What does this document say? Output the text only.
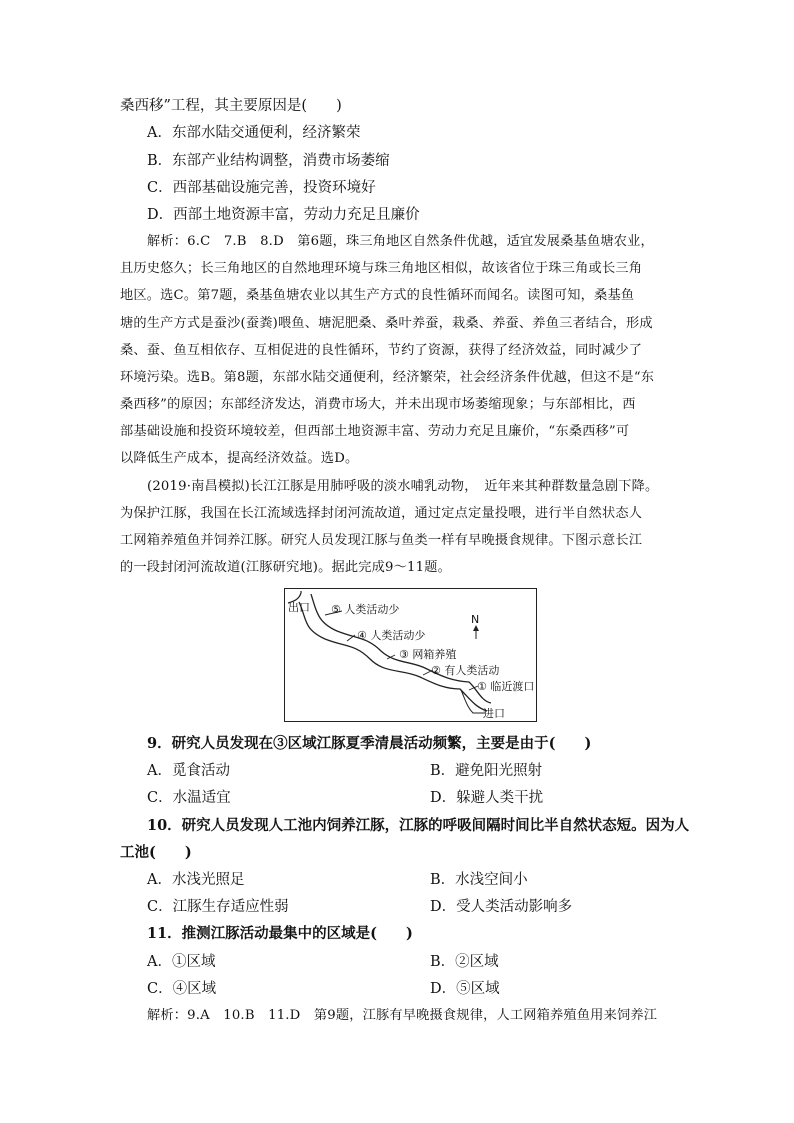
桑西移”工程，其主要原因是(　　)
A．东部水陆交通便利，经济繁荣
B．东部产业结构调整，消费市场萎缩
C．西部基础设施完善，投资环境好
D．西部土地资源丰富，劳动力充足且廉价
解析：6.C　7.B　8.D　第6题，珠三角地区自然条件优越，适宜发展桑基鱼塘农业，
且历史悠久；长三角地区的自然地理环境与珠三角地区相似，故该省位于珠三角或长三角
地区。选C。第7题，桑基鱼塘农业以其生产方式的良性循环而闻名。读图可知，桑基鱼
塘的生产方式是蚕沙(蚕粪)喂鱼、塘泥肥桑、桑叶养蚕，栽桑、养蚕、养鱼三者结合，形成
桑、蚕、鱼互相依存、互相促进的良性循环，节约了资源，获得了经济效益，同时减少了
环境污染。选B。第8题，东部水陆交通便利，经济繁荣，社会经济条件优越，但这不是“东
桑西移”的原因；东部经济发达，消费市场大，并未出现市场萎缩现象；与东部相比，西
部基础设施和投资环境较差，但西部土地资源丰富、劳动力充足且廉价，“东桑西移”可
以降低生产成本，提高经济效益。选D。
(2019·南昌模拟)长江江豚是用肺呼吸的淡水哺乳动物，　近年来其种群数量急剧下降。
为保护江豚，我国在长江流域选择封闭河流故道，通过定点定量投喂，进行半自然状态人
工网箱养殖鱼并饲养江豚。研究人员发现江豚与鱼类一样有早晚摄食规律。下图示意长江
的一段封闭河流故道(江豚研究地)。据此完成9～11题。
出口 ⑤ 人类活动少
N
④ 人类活动少
③ 网箱养殖
② 有人类活动
① 临近渡口
进口
9．研究人员发现在③区域江豚夏季清晨活动频繁，主要是由于(　　)
A．觅食活动	B．避免阳光照射
C．水温适宜	D．躲避人类干扰
10．研究人员发现人工池内饲养江豚，江豚的呼吸间隔时间比半自然状态短。因为人
工池(　　)
A．水浅光照足	B．水浅空间小
C．江豚生存适应性弱	D．受人类活动影响多
11．推测江豚活动最集中的区域是(　　)
A．①区域	B．②区域
C．④区域	D．⑤区域
解析：9.A　10.B　11.D　第9题，江豚有早晚摄食规律，人工网箱养殖鱼用来饲养江
